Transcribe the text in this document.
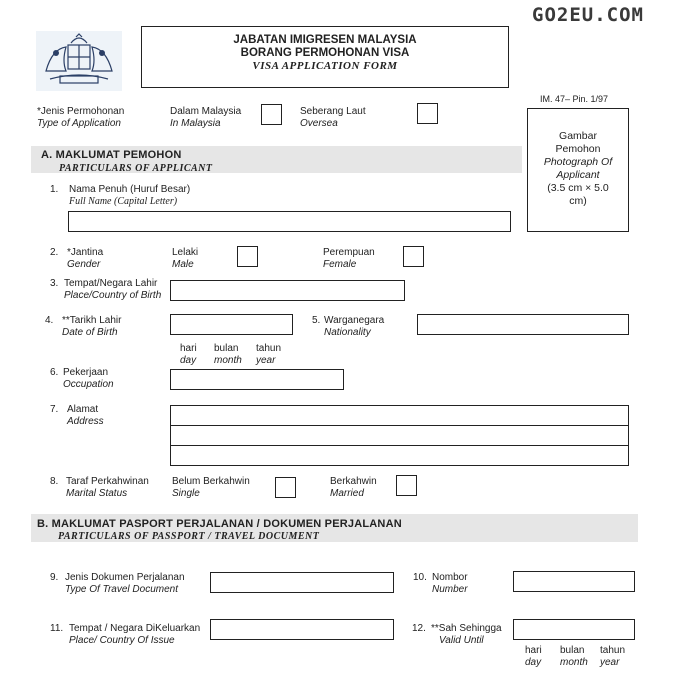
GO2EU.COM
JABATAN IMIGRESEN MALAYSIA
BORANG PERMOHONAN VISA
VISA APPLICATION FORM
IM. 47– Pin. 1/97
Gambar
Pemohon
Photograph Of
Applicant
(3.5 cm × 5.0
cm)
*Jenis Permohonan
Type of Application
Dalam Malaysia
In Malaysia
Seberang Laut
Oversea
A. MAKLUMAT PEMOHON
PARTICULARS OF APPLICANT
1. Nama Penuh (Huruf Besar)
Full Name (Capital Letter)
2. *Jantina
Gender
Lelaki
Male
Perempuan
Female
3. Tempat/Negara Lahir
Place/Country of Birth
4. **Tarikh Lahir
Date of Birth
5. Warganegara
Nationality
hari
day
bulan
month
tahun
year
6. Pekerjaan
Occupation
7. Alamat
Address
8. Taraf Perkahwinan
Marital Status
Belum Berkahwin
Single
Berkahwin
Married
B. MAKLUMAT PASPORT PERJALANAN / DOKUMEN PERJALANAN
PARTICULARS OF PASSPORT / TRAVEL DOCUMENT
9. Jenis Dokumen Perjalanan
Type Of Travel Document
10. Nombor
Number
11. Tempat / Negara DiKeluarkan
Place/ Country Of Issue
12. **Sah Sehingga
Valid Until
hari
day
bulan
month
tahun
year
